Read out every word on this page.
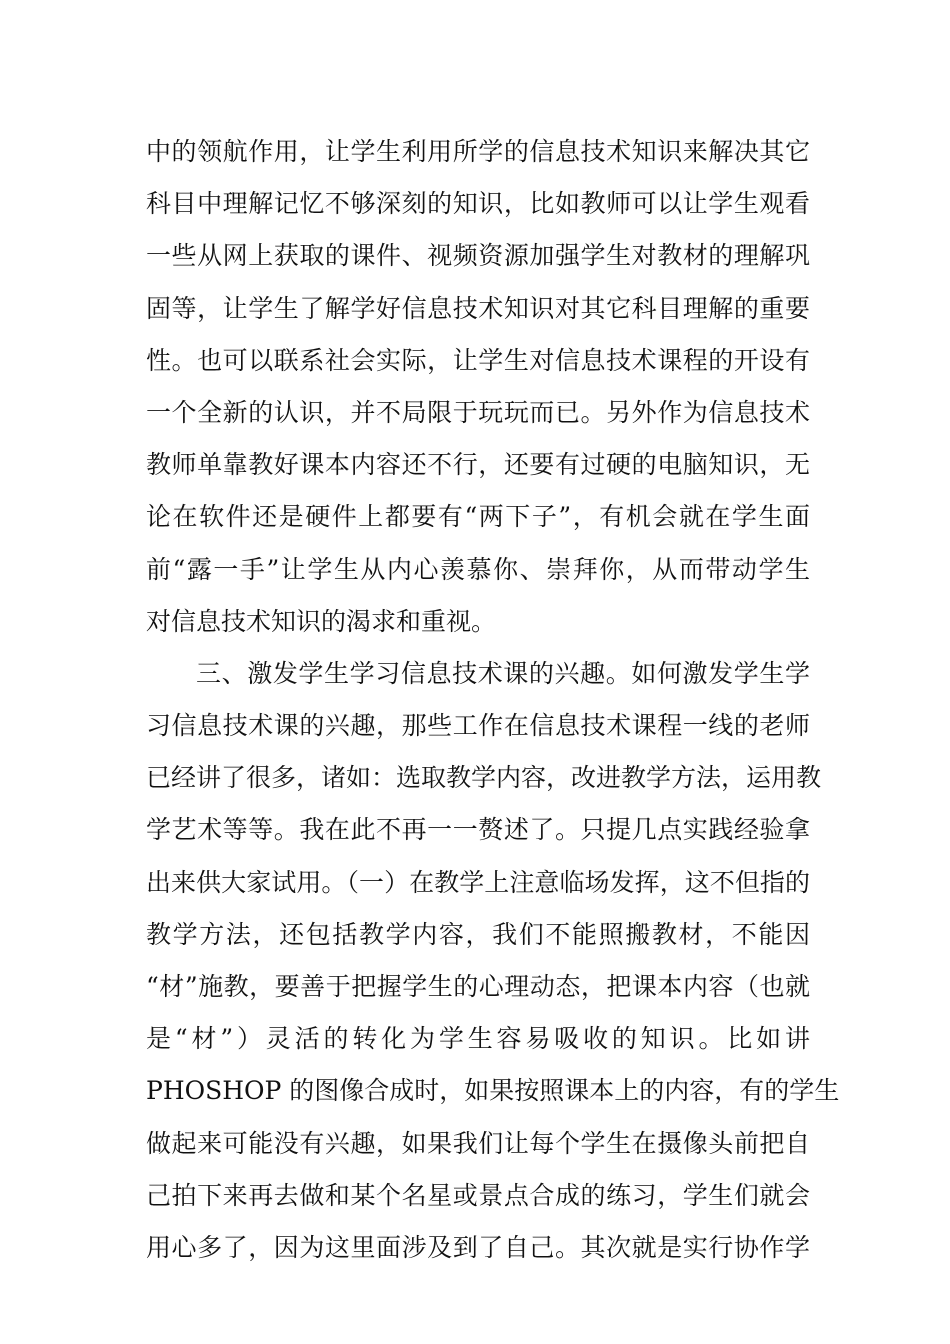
中的领航作用，让学生利用所学的信息技术知识来解决其它
科目中理解记忆不够深刻的知识，比如教师可以让学生观看
一些从网上获取的课件、视频资源加强学生对教材的理解巩
固等，让学生了解学好信息技术知识对其它科目理解的重要
性。也可以联系社会实际，让学生对信息技术课程的开设有
一个全新的认识，并不局限于玩玩而已。另外作为信息技术
教师单靠教好课本内容还不行，还要有过硬的电脑知识，无
论在软件还是硬件上都要有“两下子”，有机会就在学生面
前“露一手”让学生从内心羡慕你、崇拜你，从而带动学生
对信息技术知识的渴求和重视。
三、激发学生学习信息技术课的兴趣。如何激发学生学
习信息技术课的兴趣，那些工作在信息技术课程一线的老师
已经讲了很多，诸如：选取教学内容，改进教学方法，运用教
学艺术等等。我在此不再一一赘述了。只提几点实践经验拿
出来供大家试用。（一）在教学上注意临场发挥，这不但指的
教学方法，还包括教学内容，我们不能照搬教材，不能因
“材”施教，要善于把握学生的心理动态，把课本内容（也就
是“材”）灵活的转化为学生容易吸收的知识。比如讲
PHOSHOP 的图像合成时，如果按照课本上的内容，有的学生
做起来可能没有兴趣，如果我们让每个学生在摄像头前把自
己拍下来再去做和某个名星或景点合成的练习，学生们就会
用心多了，因为这里面涉及到了自己。其次就是实行协作学
